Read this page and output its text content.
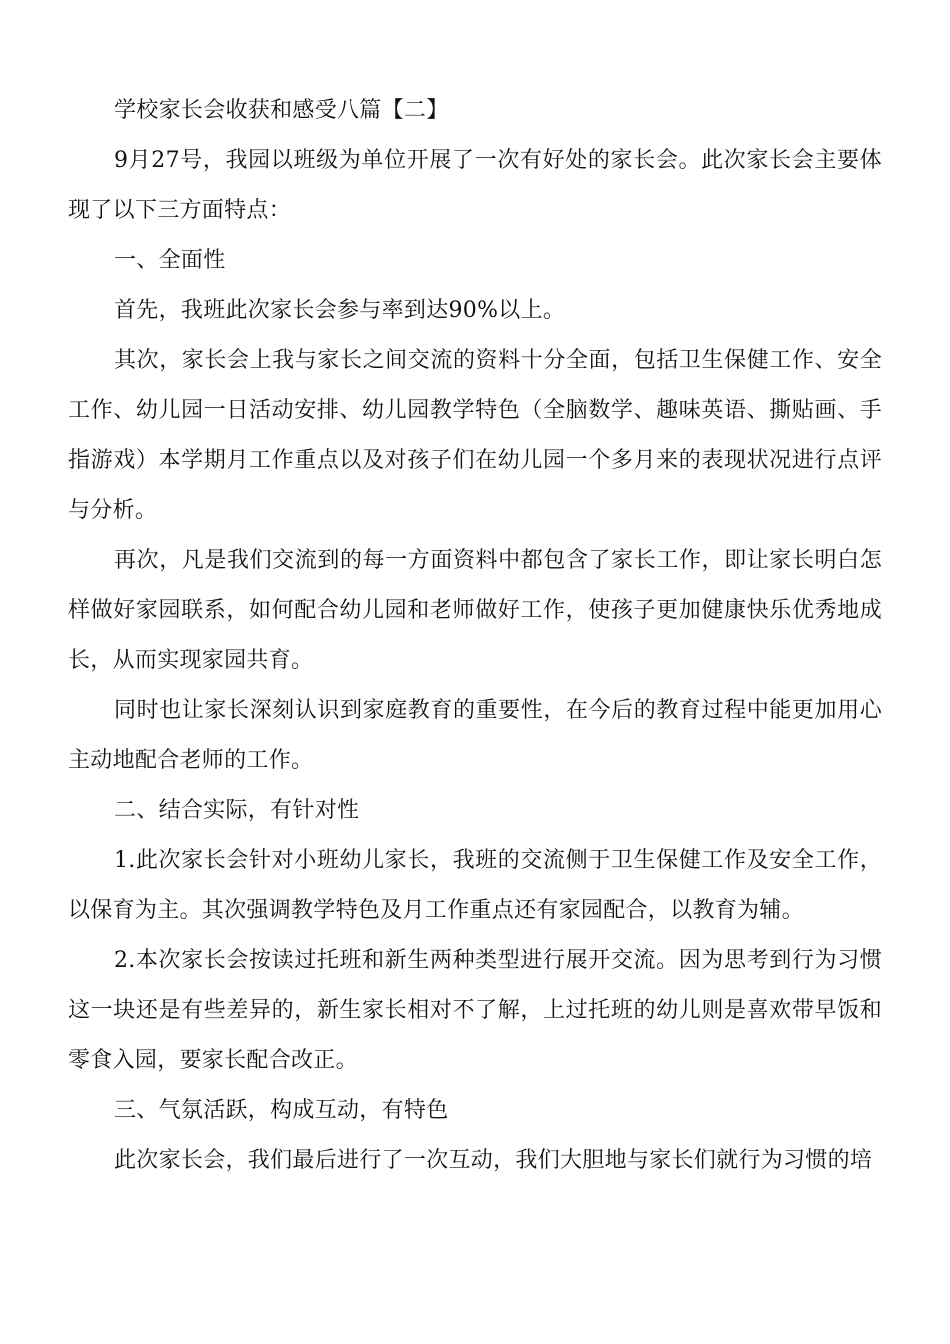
学校家长会收获和感受八篇【二】

9月27号，我园以班级为单位开展了一次有好处的家长会。此次家长会主要体现了以下三方面特点：

一、全面性

首先，我班此次家长会参与率到达90%以上。

其次，家长会上我与家长之间交流的资料十分全面，包括卫生保健工作、安全工作、幼儿园一日活动安排、幼儿园教学特色（全脑数学、趣味英语、撕贴画、手指游戏）本学期月工作重点以及对孩子们在幼儿园一个多月来的表现状况进行点评与分析。

再次，凡是我们交流到的每一方面资料中都包含了家长工作，即让家长明白怎样做好家园联系，如何配合幼儿园和老师做好工作，使孩子更加健康快乐优秀地成长，从而实现家园共育。

同时也让家长深刻认识到家庭教育的重要性，在今后的教育过程中能更加用心主动地配合老师的工作。

二、结合实际，有针对性

1.此次家长会针对小班幼儿家长，我班的交流侧于卫生保健工作及安全工作，以保育为主。其次强调教学特色及月工作重点还有家园配合，以教育为辅。

2.本次家长会按读过托班和新生两种类型进行展开交流。因为思考到行为习惯这一块还是有些差异的，新生家长相对不了解，上过托班的幼儿则是喜欢带早饭和零食入园，要家长配合改正。

三、气氛活跃，构成互动，有特色

此次家长会，我们最后进行了一次互动，我们大胆地与家长们就行为习惯的培
